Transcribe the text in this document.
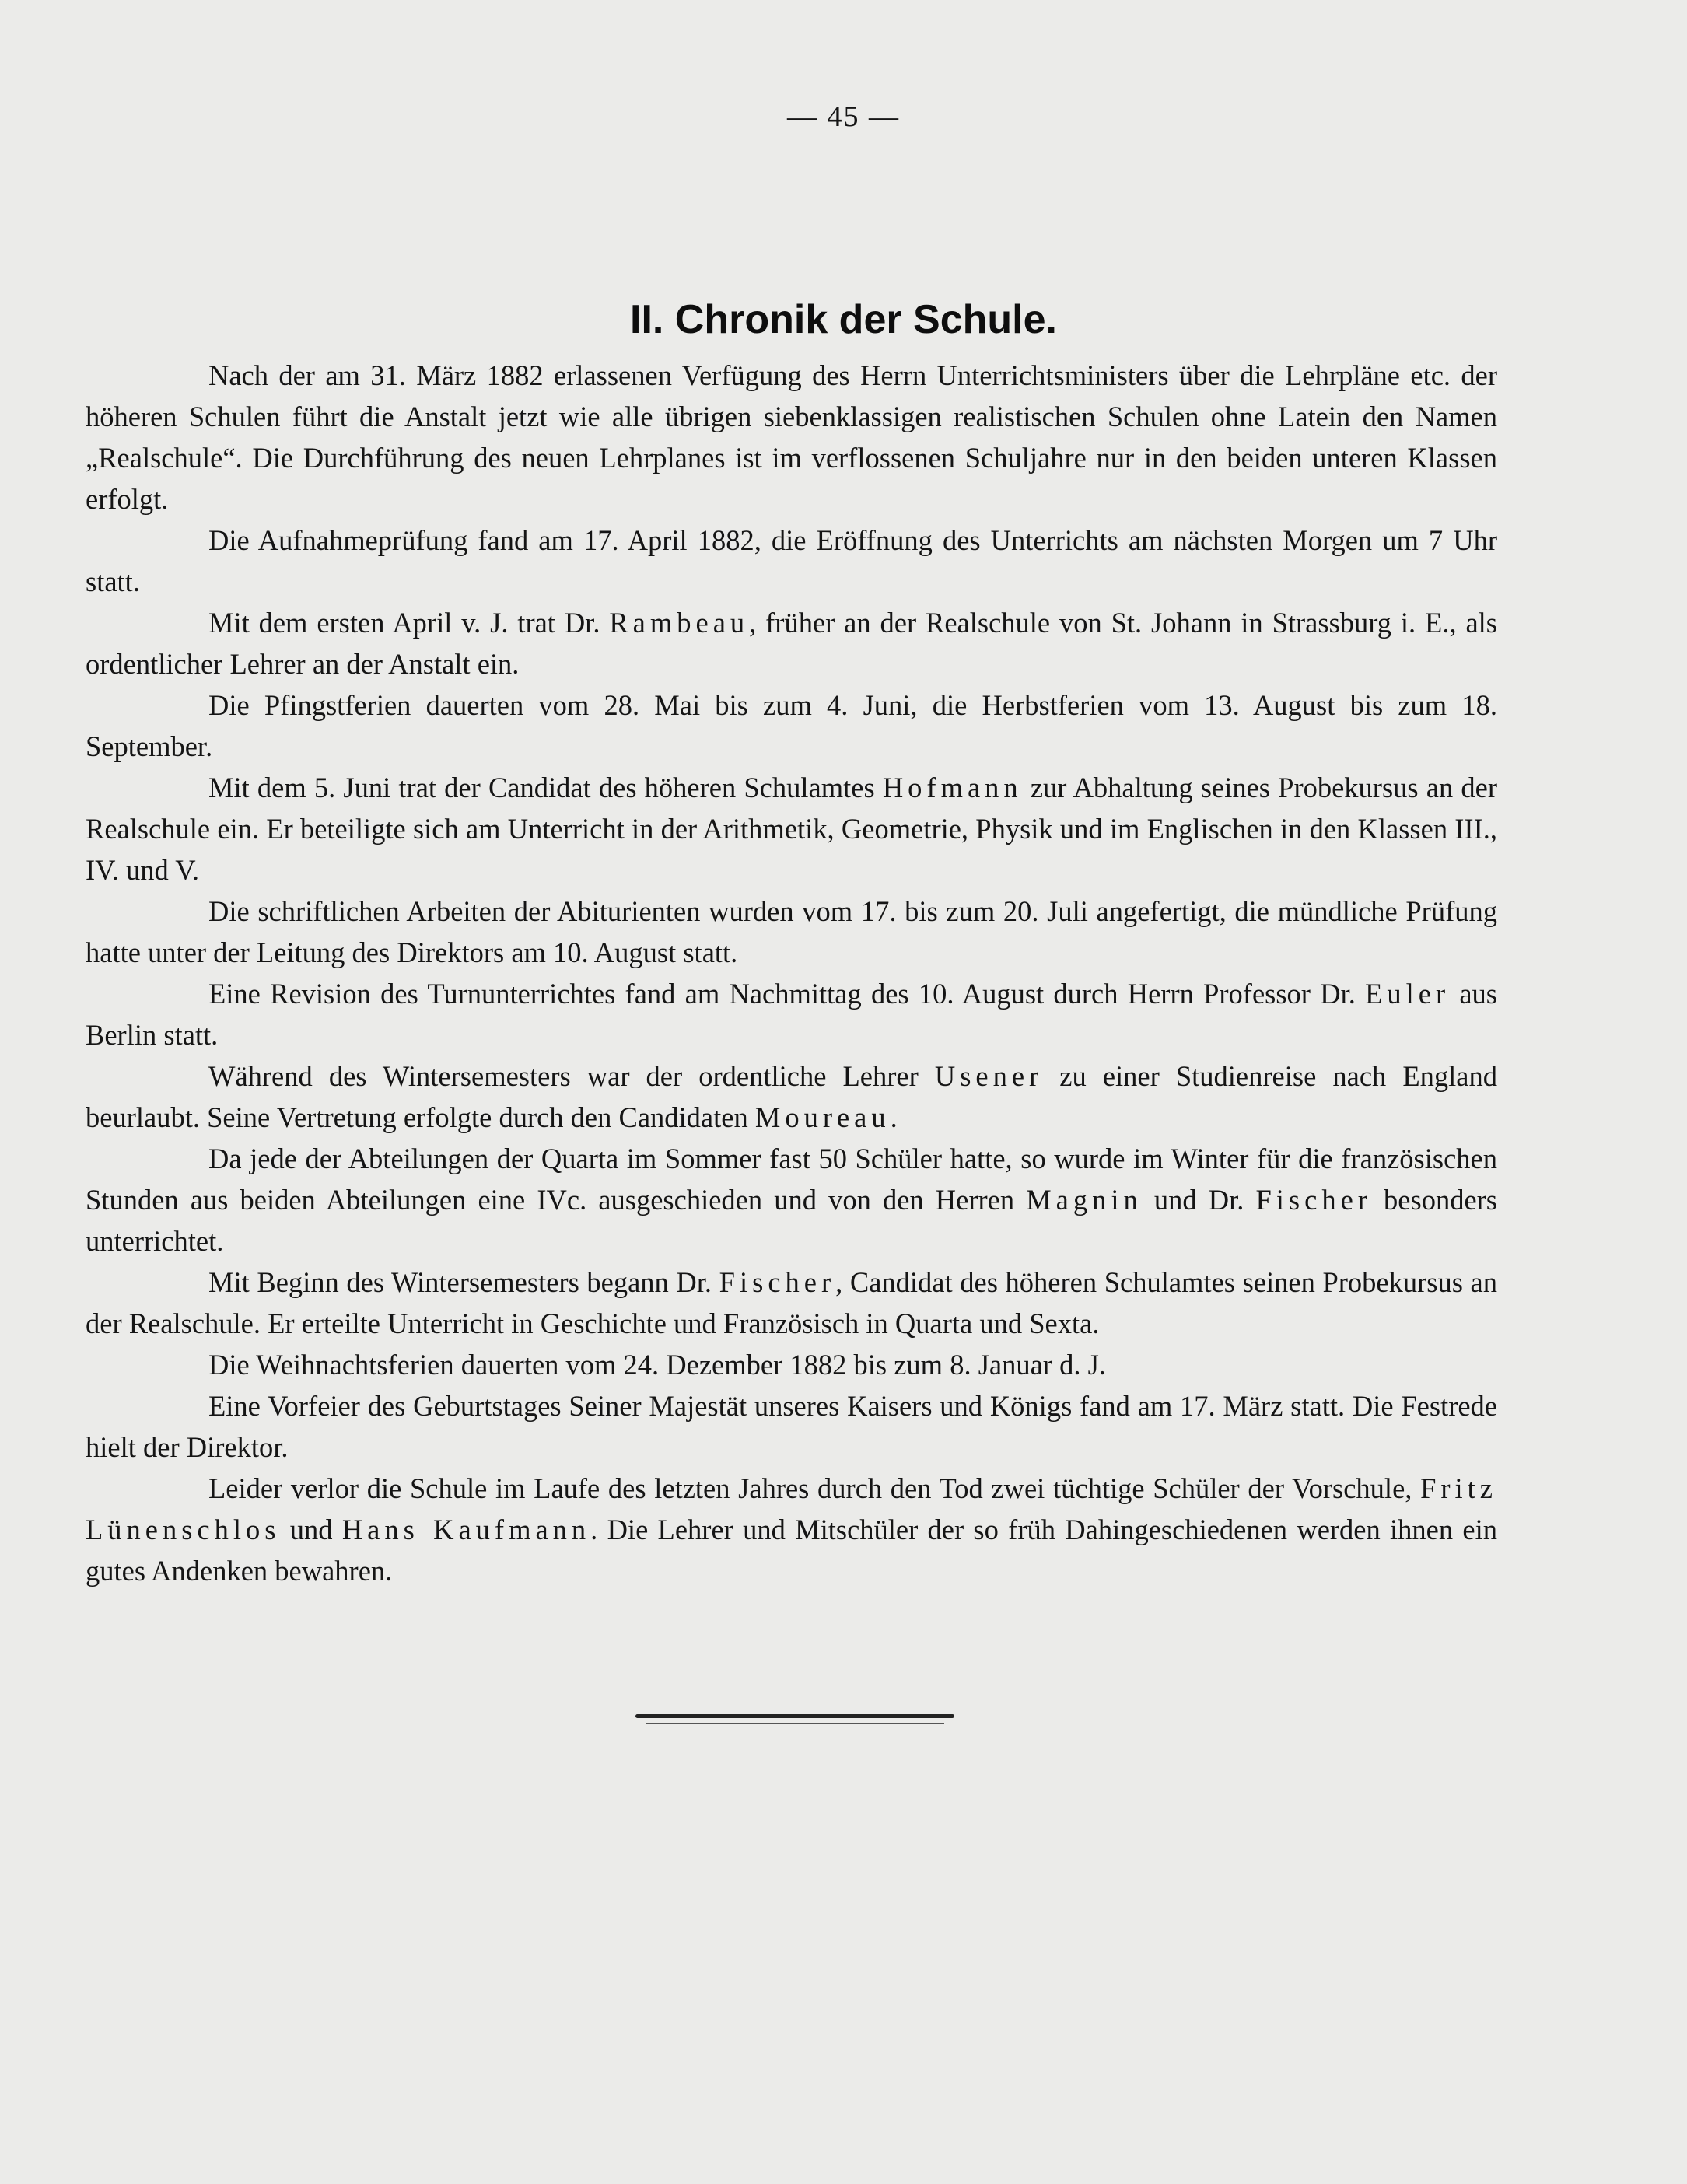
— 45 —
II. Chronik der Schule.

Nach der am 31. März 1882 erlassenen Verfügung des Herrn Unterrichtsministers über die Lehrpläne etc. der höheren Schulen führt die Anstalt jetzt wie alle übrigen siebenklassigen realistischen Schulen ohne Latein den Namen „Realschule“. Die Durchführung des neuen Lehrplanes ist im verflossenen Schuljahre nur in den beiden unteren Klassen erfolgt.

Die Aufnahmeprüfung fand am 17. April 1882, die Eröffnung des Unterrichts am nächsten Morgen um 7 Uhr statt.

Mit dem ersten April v. J. trat Dr. Rambeau, früher an der Realschule von St. Johann in Strassburg i. E., als ordentlicher Lehrer an der Anstalt ein.

Die Pfingstferien dauerten vom 28. Mai bis zum 4. Juni, die Herbstferien vom 13. August bis zum 18. September.

Mit dem 5. Juni trat der Candidat des höheren Schulamtes Hofmann zur Abhaltung seines Probekursus an der Realschule ein. Er beteiligte sich am Unterricht in der Arithmetik, Geometrie, Physik und im Englischen in den Klassen III., IV. und V.

Die schriftlichen Arbeiten der Abiturienten wurden vom 17. bis zum 20. Juli angefertigt, die mündliche Prüfung hatte unter der Leitung des Direktors am 10. August statt.

Eine Revision des Turnunterrichtes fand am Nachmittag des 10. August durch Herrn Professor Dr. Euler aus Berlin statt.

Während des Wintersemesters war der ordentliche Lehrer Usener zu einer Studienreise nach England beurlaubt. Seine Vertretung erfolgte durch den Candidaten Moureau.

Da jede der Abteilungen der Quarta im Sommer fast 50 Schüler hatte, so wurde im Winter für die französischen Stunden aus beiden Abteilungen eine IVc. ausgeschieden und von den Herren Magnin und Dr. Fischer besonders unterrichtet.

Mit Beginn des Wintersemesters begann Dr. Fischer, Candidat des höheren Schulamtes seinen Probekursus an der Realschule. Er erteilte Unterricht in Geschichte und Französisch in Quarta und Sexta.

Die Weihnachtsferien dauerten vom 24. Dezember 1882 bis zum 8. Januar d. J.

Eine Vorfeier des Geburtstages Seiner Majestät unseres Kaisers und Königs fand am 17. März statt. Die Festrede hielt der Direktor.

Leider verlor die Schule im Laufe des letzten Jahres durch den Tod zwei tüchtige Schüler der Vorschule, Fritz Lünenschlos und Hans Kaufmann. Die Lehrer und Mitschüler der so früh Dahingeschiedenen werden ihnen ein gutes Andenken bewahren.
